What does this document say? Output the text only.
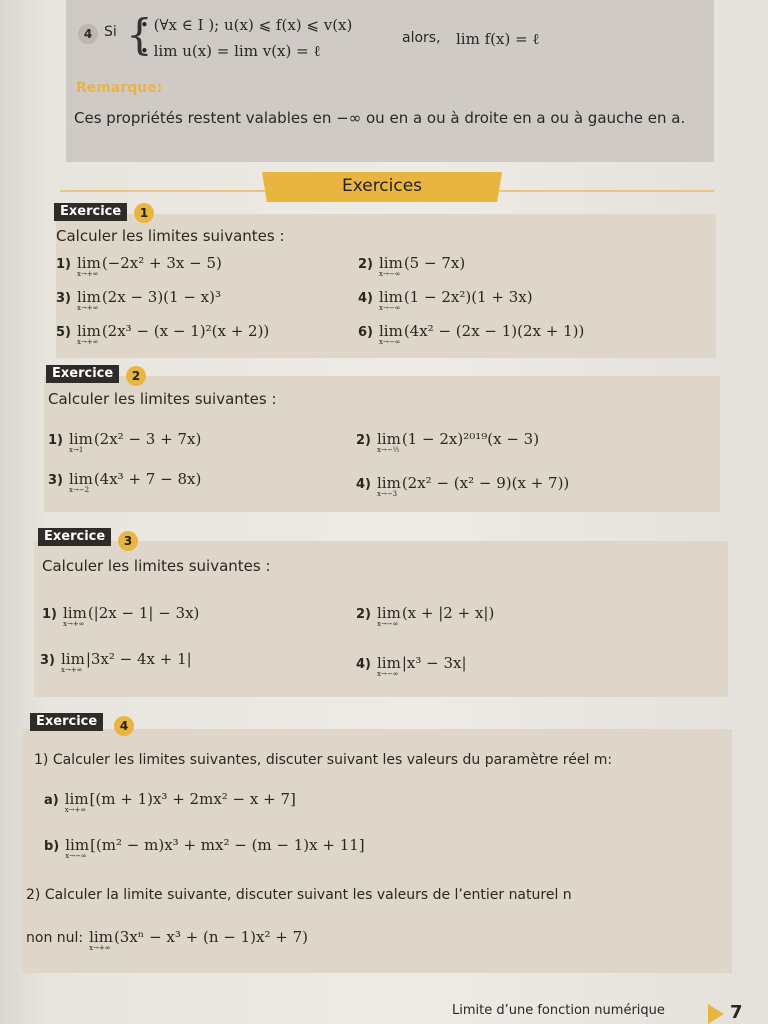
4 Si {
• (∀x ∈ I ); u(x) ⩽ f(x) ⩽ v(x)
• lim u(x) = lim v(x) = ℓ
alors, lim f(x) = ℓ
Remarque:
Ces propriétés restent valables en −∞ ou en a ou à droite en a ou à gauche en a.
Exercices
Exercice	1
Calculer les limites suivantes :
1) lim
x→+∞
(−2x² + 3x − 5)	2) lim
x→−∞
(5 − 7x)
3) lim
x→+∞
(2x − 3)(1 − x)³	4) lim
x→−∞
(1 − 2x²)(1 + 3x)
5) lim
x→+∞
(2x³ − (x − 1)²(x + 2))	6) lim
x→−∞
(4x² − (2x − 1)(2x + 1))
Exercice	2
Calculer les limites suivantes :
1) lim
x→1
(2x² − 3 + 7x)	2) lim
x→−½
(1 − 2x)²⁰¹⁹(x − 3)
3) lim
x→−2
(4x³ + 7 − 8x)	4) lim
x→−3
(2x² − (x² − 9)(x + 7))
Exercice	3
Calculer les limites suivantes :
1) lim
x→+∞
(|2x − 1| − 3x)	2) lim
x→−∞
(x + |2 + x|)
3) lim
x→+∞
|3x² − 4x + 1|	4) lim
x→−∞
|x³ − 3x|
Exercice	4
1) Calculer les limites suivantes, discuter suivant les valeurs du paramètre réel m:
a) lim
x→+∞
[(m + 1)x³ + 2mx² − x + 7]
b) lim
x→−∞
[(m² − m)x³ + mx² − (m − 1)x + 11]
2) Calculer la limite suivante, discuter suivant les valeurs de l’entier naturel n
non nul: lim
x→+∞
(3xⁿ − x³ + (n − 1)x² + 7)
Limite d’une fonction numérique	7
